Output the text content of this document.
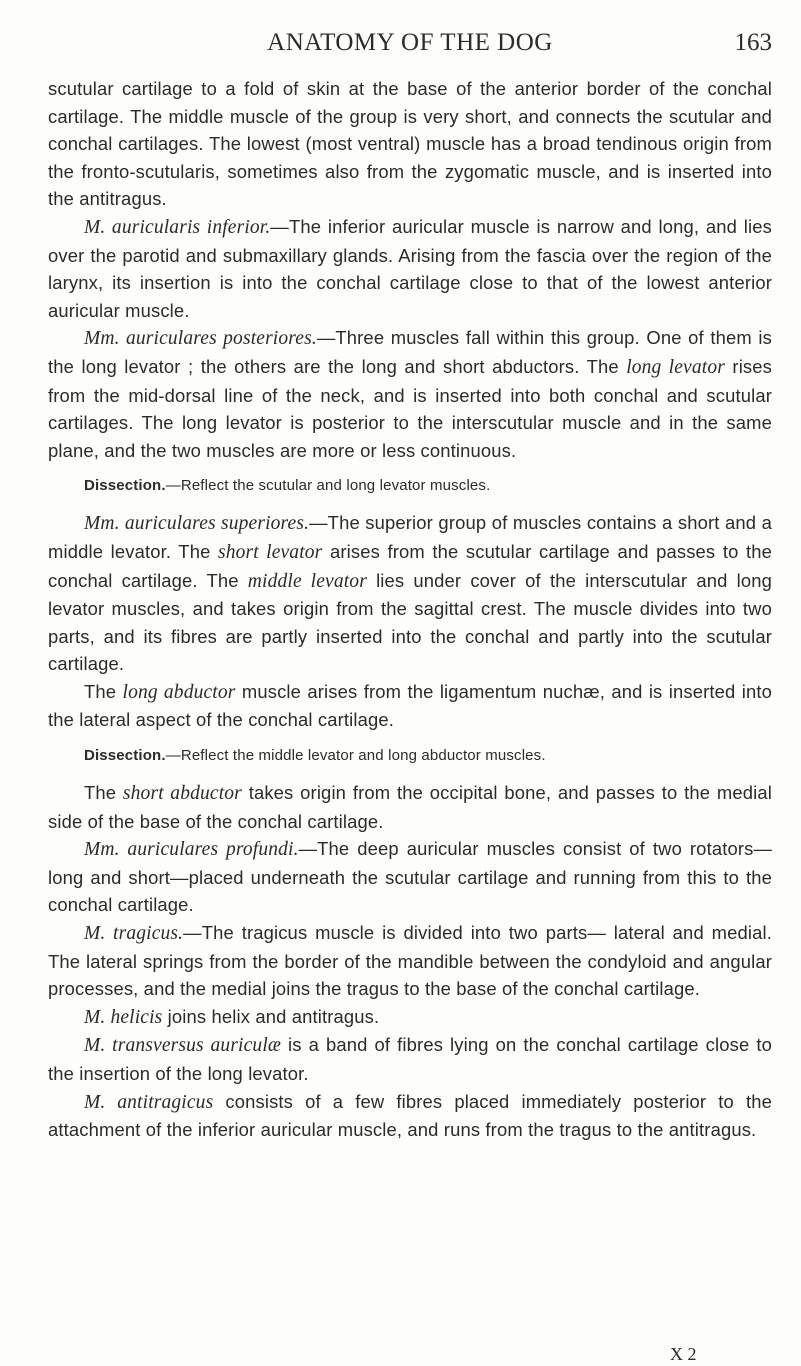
ANATOMY OF THE DOG	163

scutular cartilage to a fold of skin at the base of the anterior border of the conchal cartilage. The middle muscle of the group is very short, and connects the scutular and conchal cartilages. The lowest (most ventral) muscle has a broad tendinous origin from the fronto-scutularis, sometimes also from the zygomatic muscle, and is inserted into the antitragus.

M. auricularis inferior.—The inferior auricular muscle is narrow and long, and lies over the parotid and submaxillary glands. Arising from the fascia over the region of the larynx, its insertion is into the conchal cartilage close to that of the lowest anterior auricular muscle.

Mm. auriculares posteriores.—Three muscles fall within this group. One of them is the long levator ; the others are the long and short abductors. The long levator rises from the mid-dorsal line of the neck, and is inserted into both conchal and scutular cartilages. The long levator is posterior to the interscutular muscle and in the same plane, and the two muscles are more or less continuous.

Dissection.—Reflect the scutular and long levator muscles.

Mm. auriculares superiores.—The superior group of muscles contains a short and a middle levator. The short levator arises from the scutular cartilage and passes to the conchal cartilage. The middle levator lies under cover of the interscutular and long levator muscles, and takes origin from the sagittal crest. The muscle divides into two parts, and its fibres are partly inserted into the conchal and partly into the scutular cartilage.

The long abductor muscle arises from the ligamentum nuchæ, and is inserted into the lateral aspect of the conchal cartilage.

Dissection.—Reflect the middle levator and long abductor muscles.

The short abductor takes origin from the occipital bone, and passes to the medial side of the base of the conchal cartilage.

Mm. auriculares profundi.—The deep auricular muscles consist of two rotators—long and short—placed underneath the scutular cartilage and running from this to the conchal cartilage.

M. tragicus.—The tragicus muscle is divided into two parts— lateral and medial. The lateral springs from the border of the mandible between the condyloid and angular processes, and the medial joins the tragus to the base of the conchal cartilage.

M. helicis joins helix and antitragus.

M. transversus auriculæ is a band of fibres lying on the conchal cartilage close to the insertion of the long levator.

M. antitragicus consists of a few fibres placed immediately posterior to the attachment of the inferior auricular muscle, and runs from the tragus to the antitragus.

X 2
